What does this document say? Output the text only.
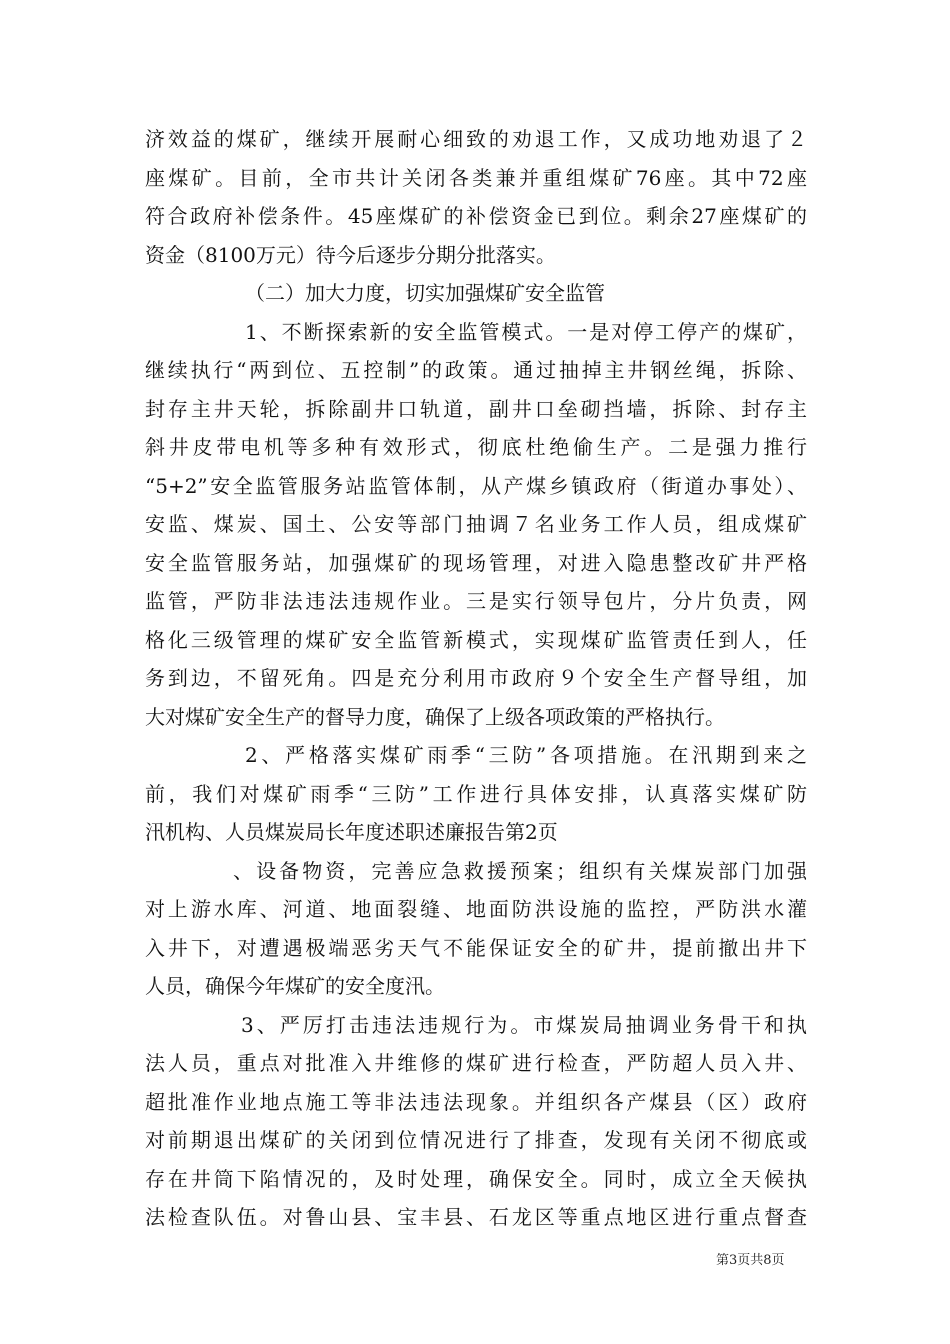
济效益的煤矿，继续开展耐心细致的劝退工作，又成功地劝退了２
座煤矿。目前，全市共计关闭各类兼并重组煤矿76座。其中72座
符合政府补偿条件。45座煤矿的补偿资金已到位。剩余27座煤矿的
资金（8100万元）待今后逐步分期分批落实。
（二）加大力度，切实加强煤矿安全监管
1、不断探索新的安全监管模式。一是对停工停产的煤矿，
继续执行“两到位、五控制”的政策。通过抽掉主井钢丝绳，拆除、
封存主井天轮，拆除副井口轨道，副井口垒砌挡墙，拆除、封存主
斜井皮带电机等多种有效形式，彻底杜绝偷生产。二是强力推行
“5+2”安全监管服务站监管体制，从产煤乡镇政府（街道办事处）、
安监、煤炭、国土、公安等部门抽调７名业务工作人员，组成煤矿
安全监管服务站，加强煤矿的现场管理，对进入隐患整改矿井严格
监管，严防非法违法违规作业。三是实行领导包片，分片负责，网
格化三级管理的煤矿安全监管新模式，实现煤矿监管责任到人，任
务到边，不留死角。四是充分利用市政府９个安全生产督导组，加
大对煤矿安全生产的督导力度，确保了上级各项政策的严格执行。
2、严格落实煤矿雨季“三防”各项措施。在汛期到来之
前，我们对煤矿雨季“三防”工作进行具体安排，认真落实煤矿防
汛机构、人员煤炭局长年度述职述廉报告第2页
、设备物资，完善应急救援预案；组织有关煤炭部门加强
对上游水库、河道、地面裂缝、地面防洪设施的监控，严防洪水灌
入井下，对遭遇极端恶劣天气不能保证安全的矿井，提前撤出井下
人员，确保今年煤矿的安全度汛。
3、严厉打击违法违规行为。市煤炭局抽调业务骨干和执
法人员，重点对批准入井维修的煤矿进行检查，严防超人员入井、
超批准作业地点施工等非法违法现象。并组织各产煤县（区）政府
对前期退出煤矿的关闭到位情况进行了排查，发现有关闭不彻底或
存在井筒下陷情况的，及时处理，确保安全。同时，成立全天候执
法检查队伍。对鲁山县、宝丰县、石龙区等重点地区进行重点督查
第3页共8页
